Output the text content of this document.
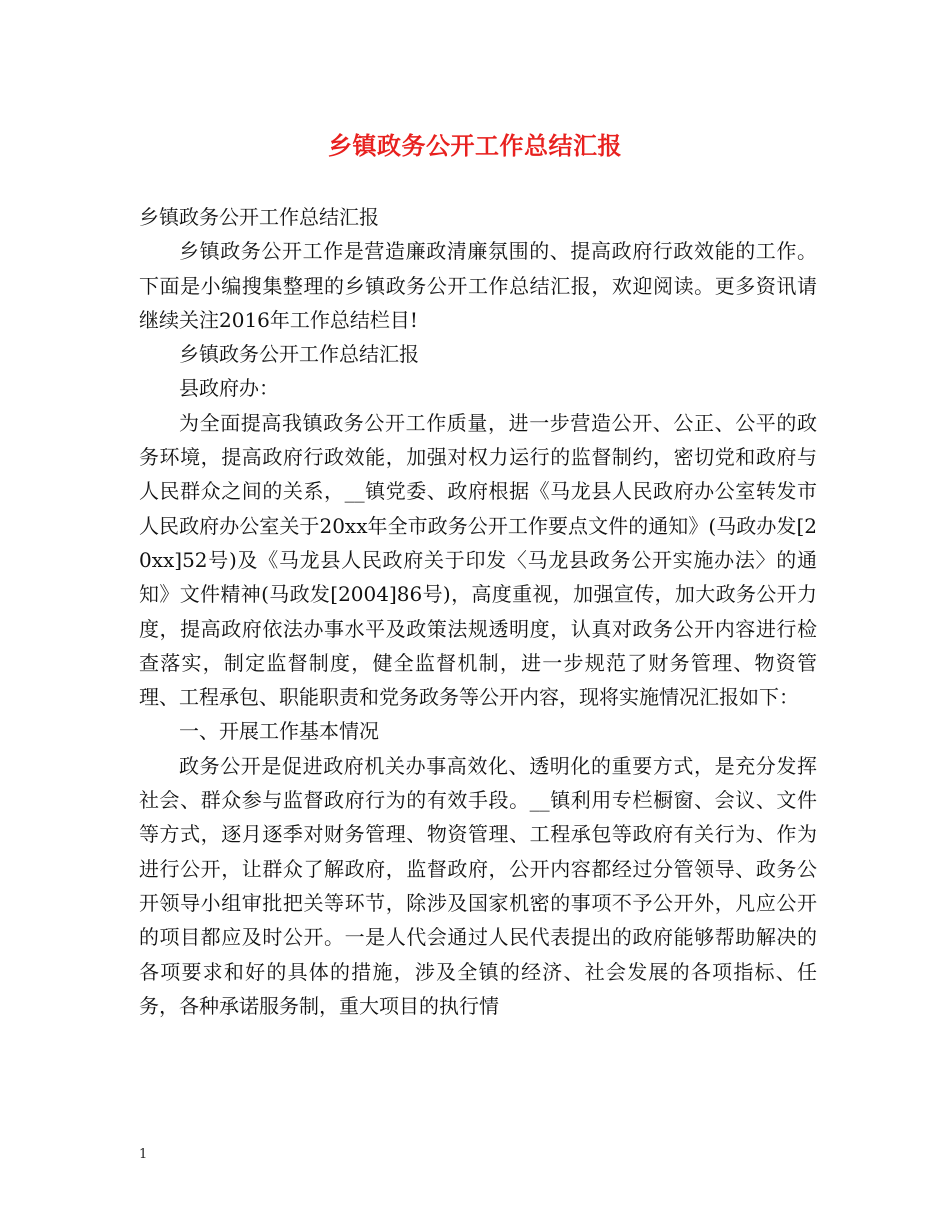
乡镇政务公开工作总结汇报

乡镇政务公开工作总结汇报

乡镇政务公开工作是营造廉政清廉氛围的、提高政府行政效能的工作。下面是小编搜集整理的乡镇政务公开工作总结汇报，欢迎阅读。更多资讯请继续关注2016年工作总结栏目!

乡镇政务公开工作总结汇报

县政府办：

为全面提高我镇政务公开工作质量，进一步营造公开、公正、公平的政务环境，提高政府行政效能，加强对权力运行的监督制约，密切党和政府与人民群众之间的关系，__镇党委、政府根据《马龙县人民政府办公室转发市人民政府办公室关于20xx年全市政务公开工作要点文件的通知》(马政办发[20xx]52号)及《马龙县人民政府关于印发〈马龙县政务公开实施办法〉的通知》文件精神(马政发[2004]86号)，高度重视，加强宣传，加大政务公开力度，提高政府依法办事水平及政策法规透明度，认真对政务公开内容进行检查落实，制定监督制度，健全监督机制，进一步规范了财务管理、物资管理、工程承包、职能职责和党务政务等公开内容，现将实施情况汇报如下：

一、开展工作基本情况

政务公开是促进政府机关办事高效化、透明化的重要方式，是充分发挥社会、群众参与监督政府行为的有效手段。__镇利用专栏橱窗、会议、文件等方式，逐月逐季对财务管理、物资管理、工程承包等政府有关行为、作为进行公开，让群众了解政府，监督政府，公开内容都经过分管领导、政务公开领导小组审批把关等环节，除涉及国家机密的事项不予公开外，凡应公开的项目都应及时公开。一是人代会通过人民代表提出的政府能够帮助解决的各项要求和好的具体的措施，涉及全镇的经济、社会发展的各项指标、任务，各种承诺服务制，重大项目的执行情

1
